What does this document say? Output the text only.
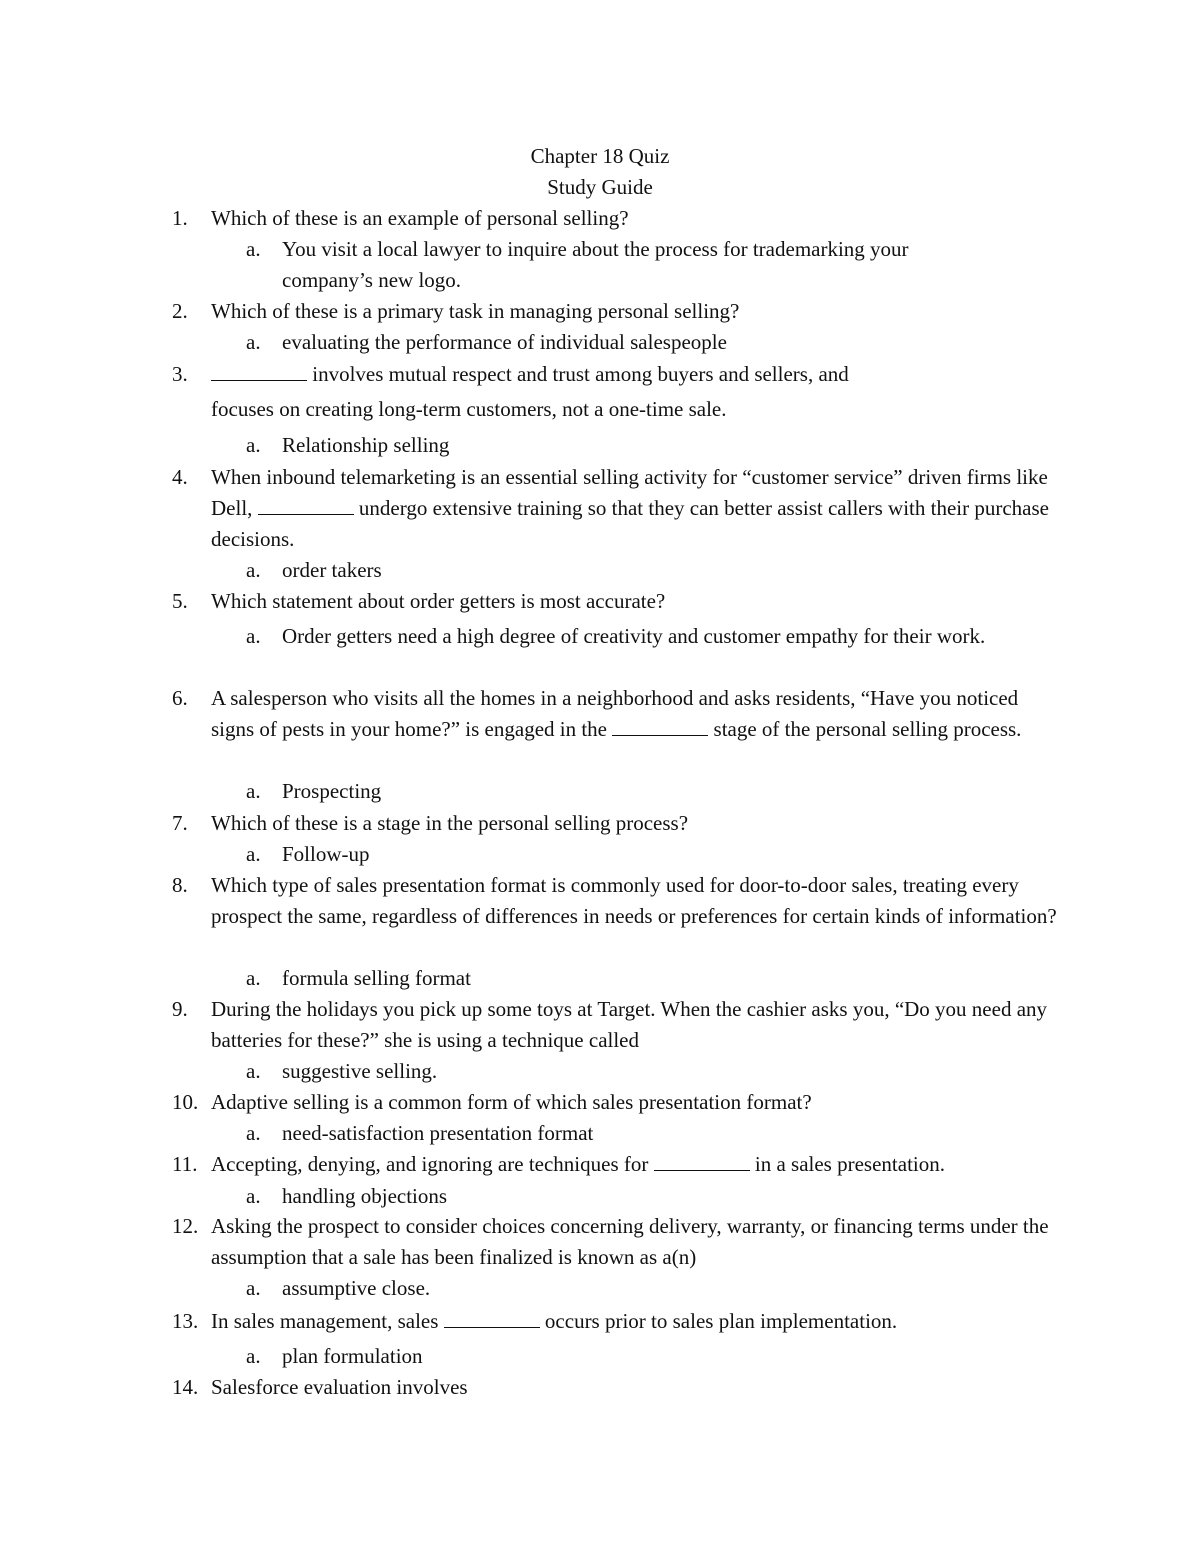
Chapter 18 Quiz
Study Guide
1.	Which of these is an example of personal selling?
a. You visit a local lawyer to inquire about the process for trademarking your company’s new logo.
2.	Which of these is a primary task in managing personal selling?
a. evaluating the performance of individual salespeople
3.	involves mutual respect and trust among buyers and sellers, and
focuses on creating long-term customers, not a one-time sale.
a. Relationship selling
4.	When inbound telemarketing is an essential selling activity for “customer service” driven firms like Dell,	undergo extensive training so that they can better assist callers with their purchase decisions.
a. order takers
5.	Which statement about order getters is most accurate?
a. Order getters need a high degree of creativity and customer empathy for their work.
6.	A salesperson who visits all the homes in a neighborhood and asks residents, “Have you noticed signs of pests in your home?” is engaged in the	stage of the personal selling process.
a. Prospecting
7.	Which of these is a stage in the personal selling process?
a. Follow-up
8.	Which type of sales presentation format is commonly used for door-to-door sales, treating every prospect the same, regardless of differences in needs or preferences for certain kinds of information?
a. formula selling format
9.	During the holidays you pick up some toys at Target. When the cashier asks you, “Do you need any batteries for these?” she is using a technique called
a. suggestive selling.
10. Adaptive selling is a common form of which sales presentation format?
a. need-satisfaction presentation format
11. Accepting, denying, and ignoring are techniques for	in a sales presentation.
a. handling objections
12. Asking the prospect to consider choices concerning delivery, warranty, or financing terms under the assumption that a sale has been finalized is known as a(n)
a. assumptive close.
13. In sales management, sales	occurs prior to sales plan implementation.
a. plan formulation
14. Salesforce evaluation involves
